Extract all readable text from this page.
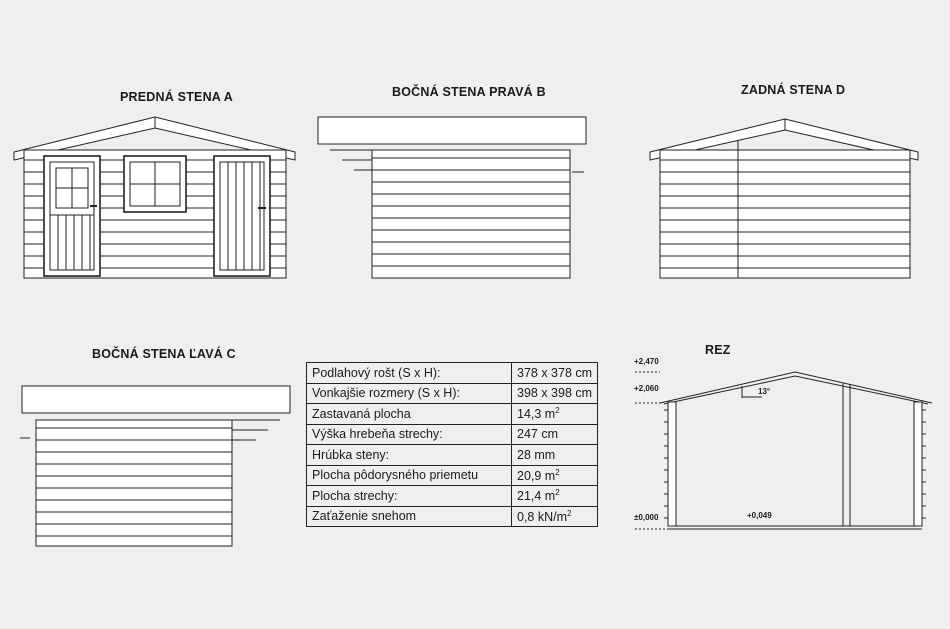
PREDNÁ STENA A	BOČNÁ STENA PRAVÁ B	ZADNÁ STENA D
BOČNÁ STENA ĽAVÁ C	REZ
Podlahový rošt (S x H):	378 x 378 cm
Vonkajšie rozmery (S x H):	398 x 398 cm
Zastavaná plocha	14,3 $m^2$
Výška hrebeňa strechy:	247 cm
Hrúbka steny:	28 mm
Plocha pôdorysného priemetu	20,9 $m^2$
Plocha strechy:	21,4 $m^2$
Zaťaženie snehom	0,8 $kN/m^2$
+2,470
+2,060
±0,000	+0,049
13°
